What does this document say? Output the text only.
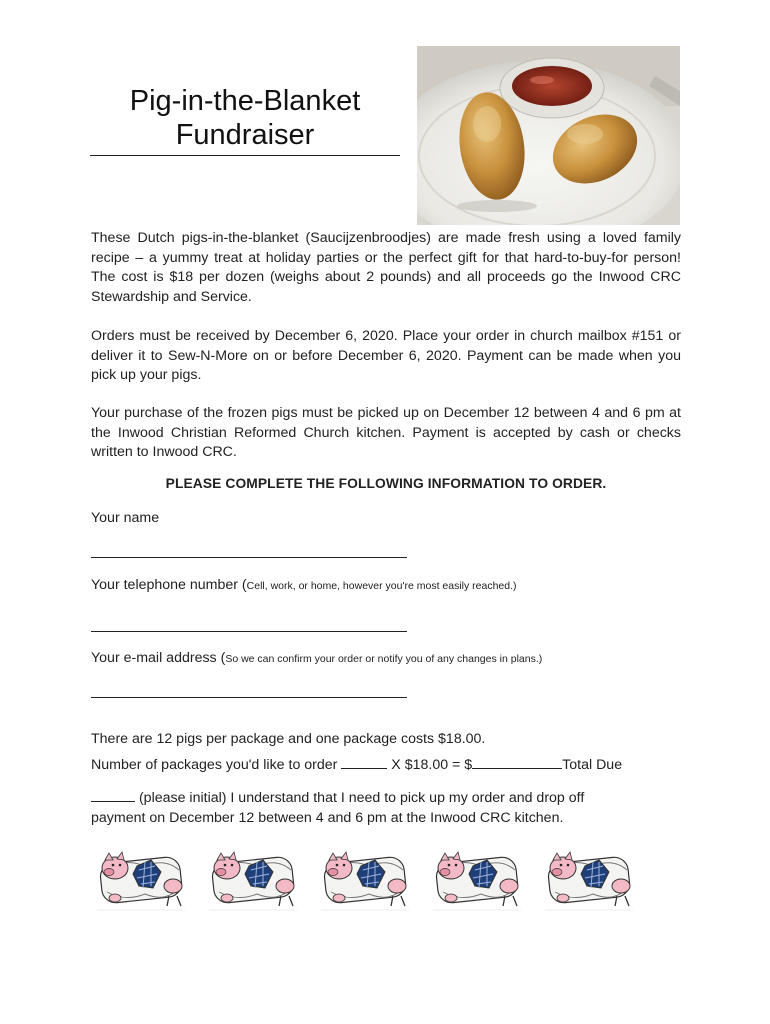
Pig-in-the-Blanket
Fundraiser

These Dutch pigs-in-the-blanket (Saucijzenbroodjes) are made fresh using a loved family recipe – a yummy treat at holiday parties or the perfect gift for that hard-to-buy-for person! The cost is $18 per dozen (weighs about 2 pounds) and all proceeds go the Inwood CRC Stewardship and Service.

Orders must be received by December 6, 2020. Place your order in church mailbox #151 or deliver it to Sew-N-More on or before December 6, 2020. Payment can be made when you pick up your pigs.

Your purchase of the frozen pigs must be picked up on December 12 between 4 and 6 pm at the Inwood Christian Reformed Church kitchen. Payment is accepted by cash or checks written to Inwood CRC.

PLEASE COMPLETE THE FOLLOWING INFORMATION TO ORDER.
Your name
Your telephone number (Cell, work, or home, however you're most easily reached.)
Your e-mail address (So we can confirm your order or notify you of any changes in plans.)
There are 12 pigs per package and one package costs $18.00.
Number of packages you'd like to order	X $18.00 = $	Total Due
(please initial) I understand that I need to pick up my order and drop off
payment on December 12 between 4 and 6 pm at the Inwood CRC kitchen.
